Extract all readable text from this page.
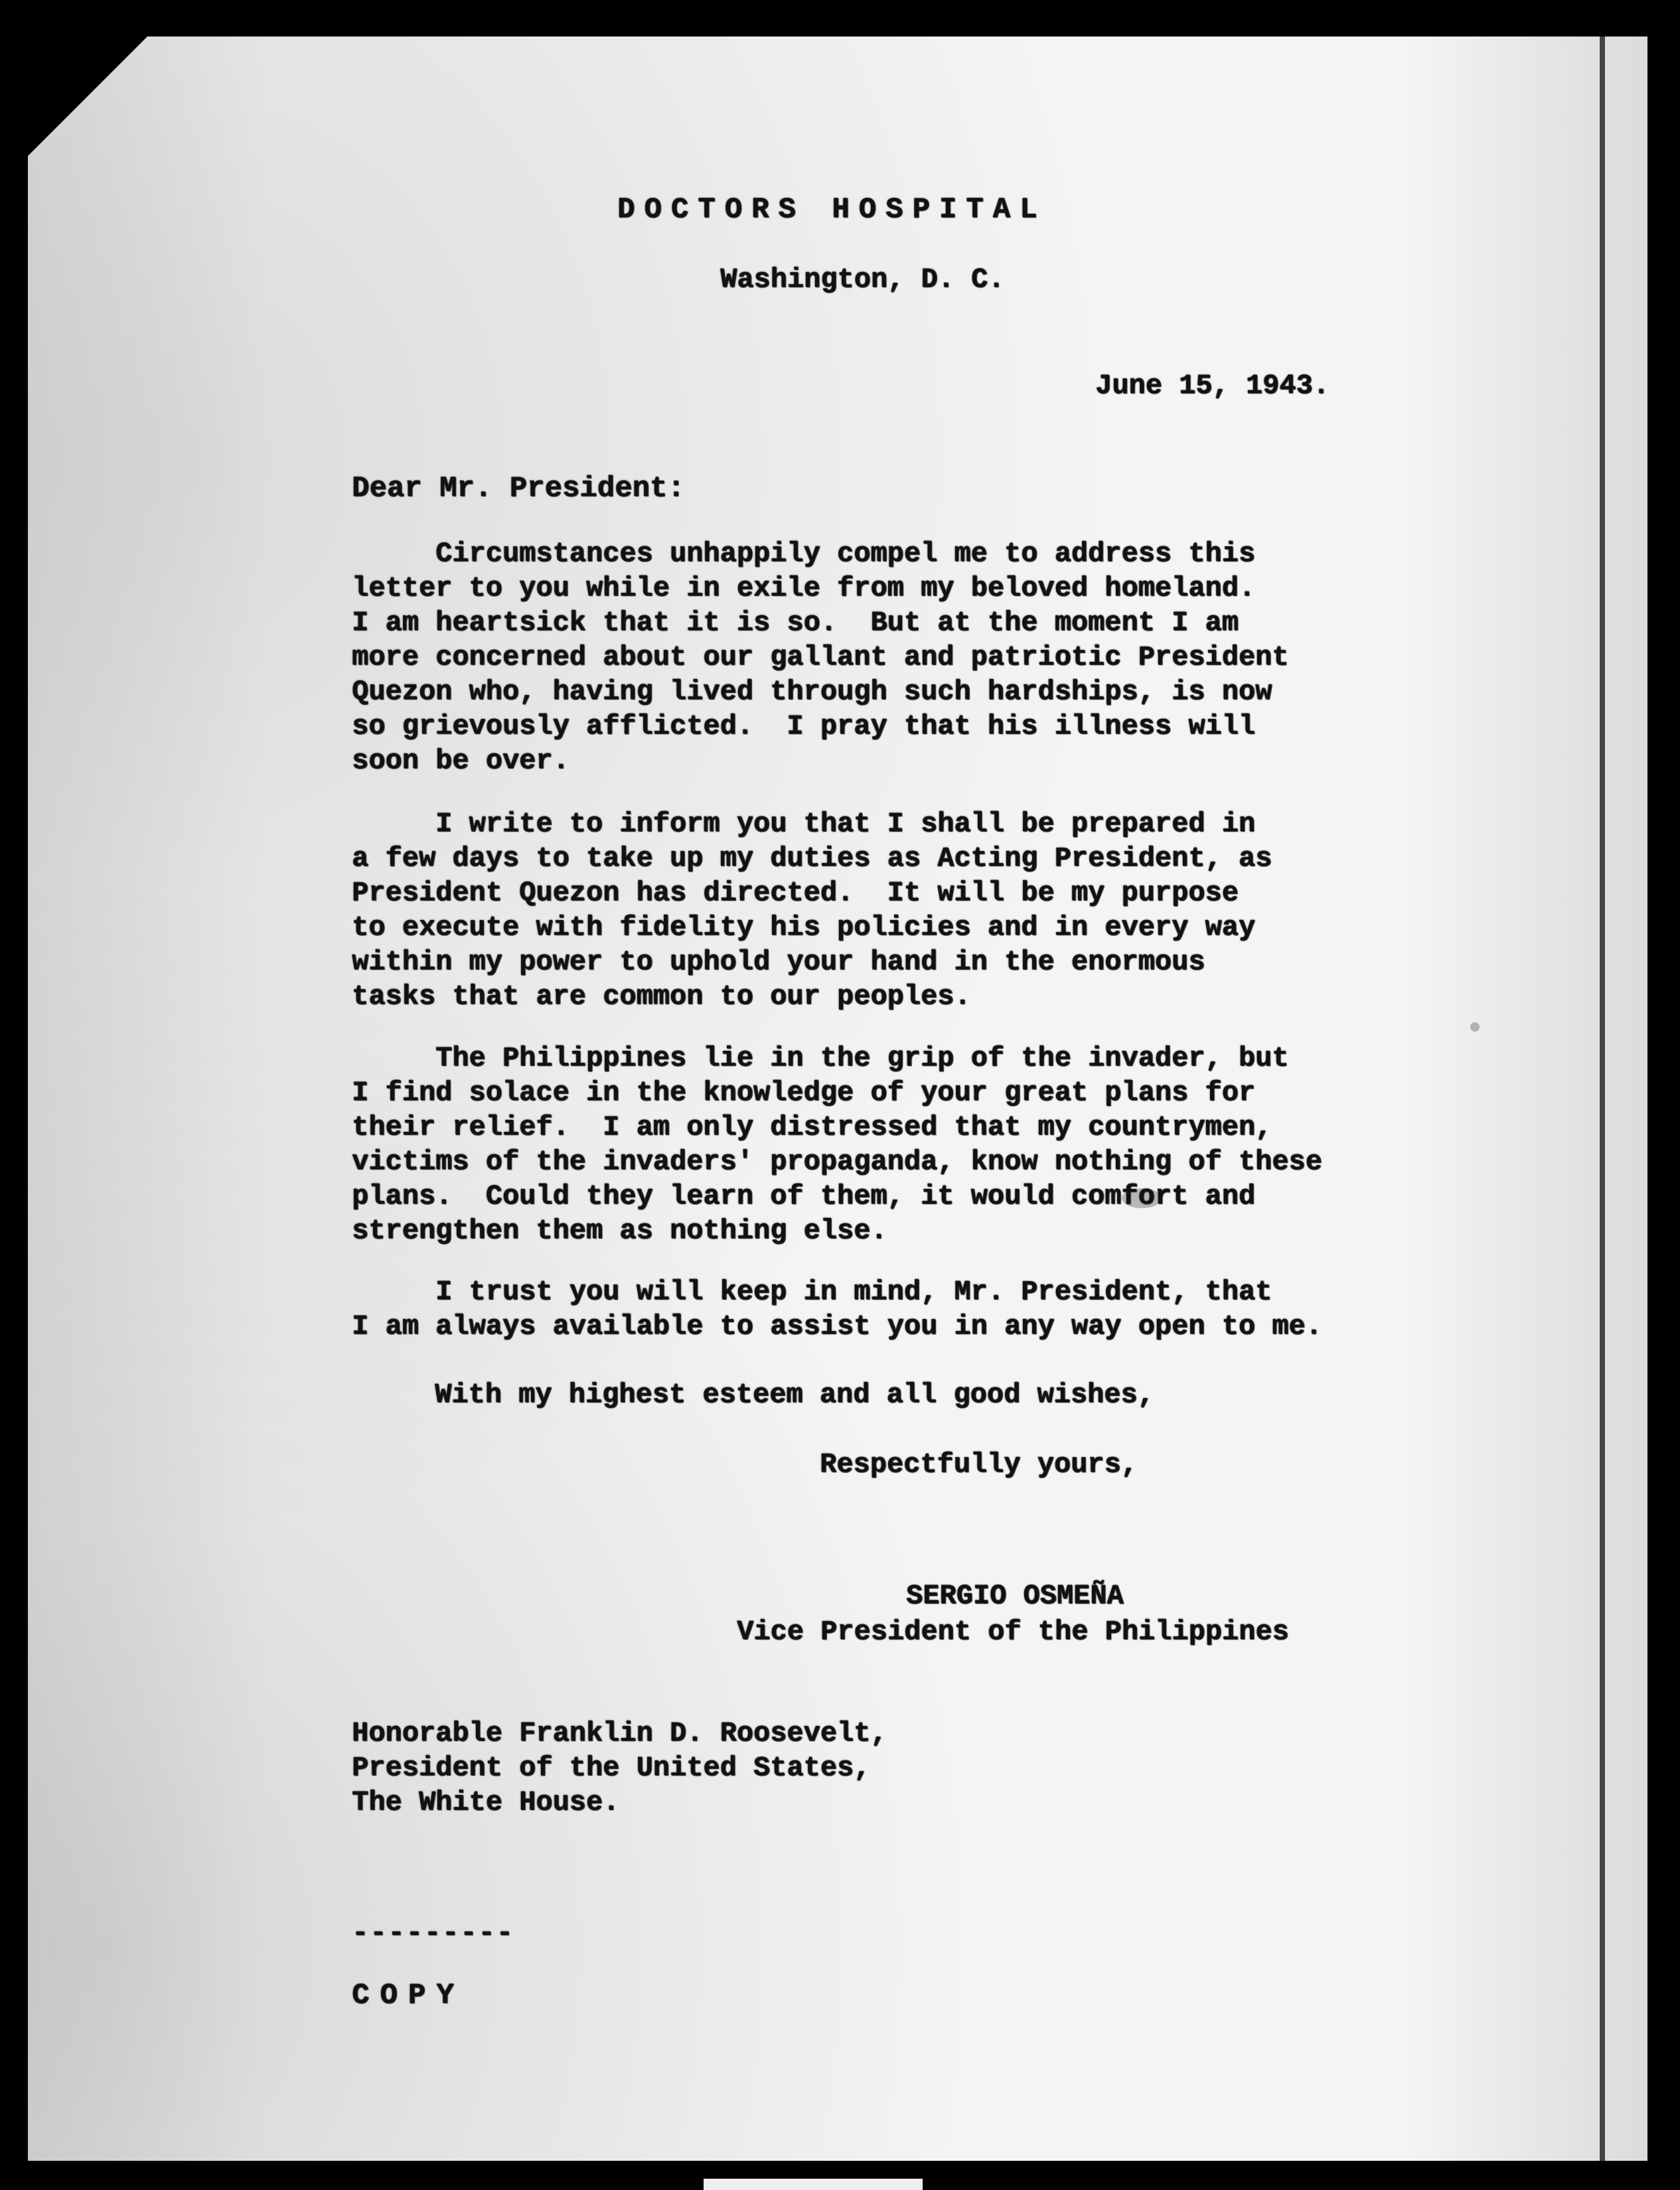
DOCTORS HOSPITAL
Washington, D. C.
June 15, 1943.
Dear Mr. President:
Circumstances unhappily compel me to address this
letter to you while in exile from my beloved homeland.
I am heartsick that it is so.  But at the moment I am
more concerned about our gallant and patriotic President
Quezon who, having lived through such hardships, is now
so grievously afflicted.  I pray that his illness will
soon be over.
I write to inform you that I shall be prepared in
a few days to take up my duties as Acting President, as
President Quezon has directed.  It will be my purpose
to execute with fidelity his policies and in every way
within my power to uphold your hand in the enormous
tasks that are common to our peoples.
The Philippines lie in the grip of the invader, but
I find solace in the knowledge of your great plans for
their relief.  I am only distressed that my countrymen,
victims of the invaders' propaganda, know nothing of these
plans.  Could they learn of them, it would comfort and
strengthen them as nothing else.
I trust you will keep in mind, Mr. President, that
I am always available to assist you in any way open to me.
With my highest esteem and all good wishes,
Respectfully yours,
SERGIO OSMEÑA
Vice President of the Philippines
Honorable Franklin D. Roosevelt,
President of the United States,
The White House.
---------
COPY
